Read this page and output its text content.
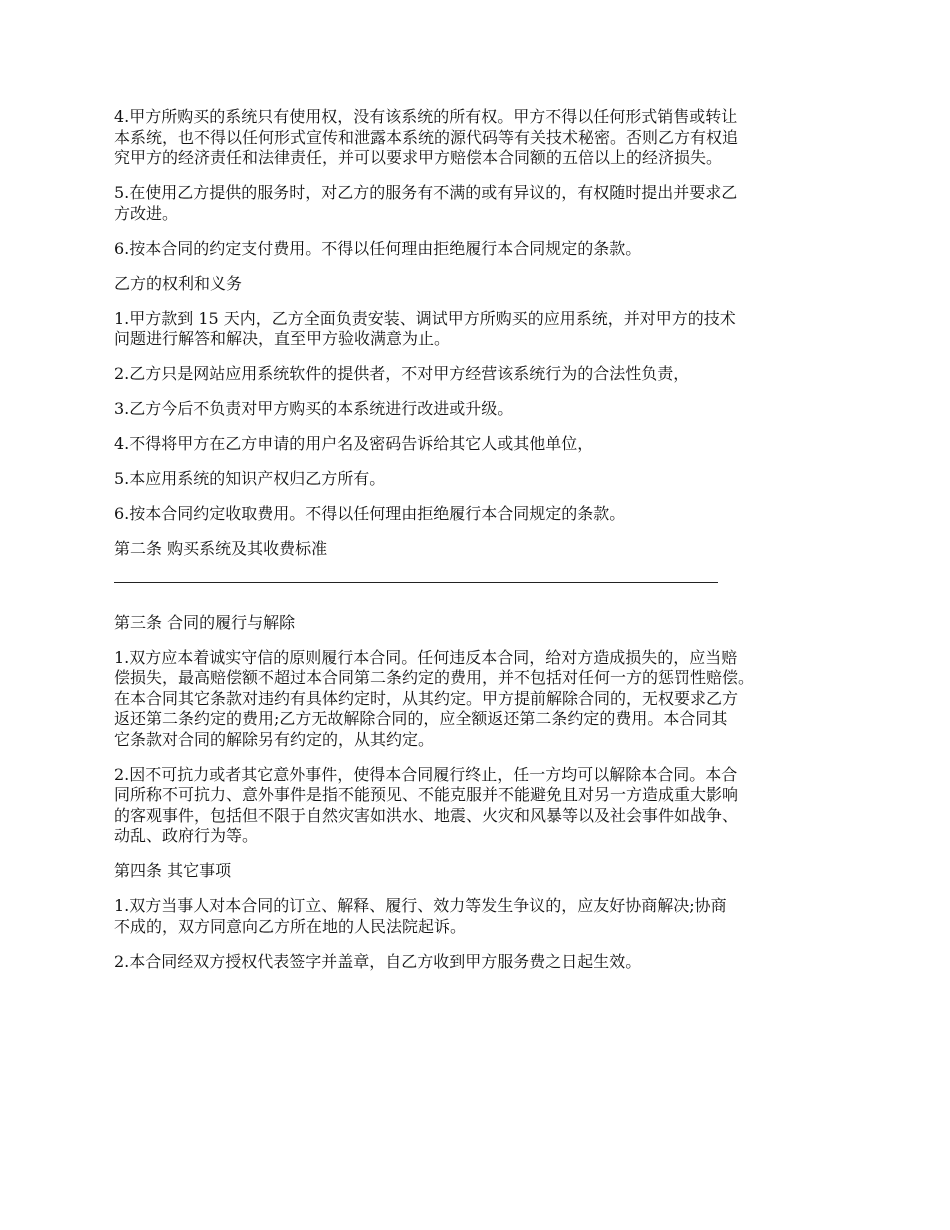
4.甲方所购买的系统只有使用权，没有该系统的所有权。甲方不得以任何形式销售或转让
本系统，也不得以任何形式宣传和泄露本系统的源代码等有关技术秘密。否则乙方有权追
究甲方的经济责任和法律责任，并可以要求甲方赔偿本合同额的五倍以上的经济损失。

5.在使用乙方提供的服务时，对乙方的服务有不满的或有异议的，有权随时提出并要求乙
方改进。

6.按本合同的约定支付费用。不得以任何理由拒绝履行本合同规定的条款。

乙方的权利和义务

1.甲方款到 15 天内，乙方全面负责安装、调试甲方所购买的应用系统，并对甲方的技术
问题进行解答和解决，直至甲方验收满意为止。

2.乙方只是网站应用系统软件的提供者，不对甲方经营该系统行为的合法性负责，

3.乙方今后不负责对甲方购买的本系统进行改进或升级。

4.不得将甲方在乙方申请的用户名及密码告诉给其它人或其他单位，

5.本应用系统的知识产权归乙方所有。

6.按本合同约定收取费用。不得以任何理由拒绝履行本合同规定的条款。

第二条 购买系统及其收费标准

第三条 合同的履行与解除

1.双方应本着诚实守信的原则履行本合同。任何违反本合同，给对方造成损失的，应当赔
偿损失，最高赔偿额不超过本合同第二条约定的费用，并不包括对任何一方的惩罚性赔偿。
在本合同其它条款对违约有具体约定时，从其约定。甲方提前解除合同的，无权要求乙方
返还第二条约定的费用;乙方无故解除合同的，应全额返还第二条约定的费用。本合同其
它条款对合同的解除另有约定的，从其约定。

2.因不可抗力或者其它意外事件，使得本合同履行终止，任一方均可以解除本合同。本合
同所称不可抗力、意外事件是指不能预见、不能克服并不能避免且对另一方造成重大影响
的客观事件，包括但不限于自然灾害如洪水、地震、火灾和风暴等以及社会事件如战争、
动乱、政府行为等。

第四条 其它事项

1.双方当事人对本合同的订立、解释、履行、效力等发生争议的，应友好协商解决;协商
不成的，双方同意向乙方所在地的人民法院起诉。

2.本合同经双方授权代表签字并盖章，自乙方收到甲方服务费之日起生效。
